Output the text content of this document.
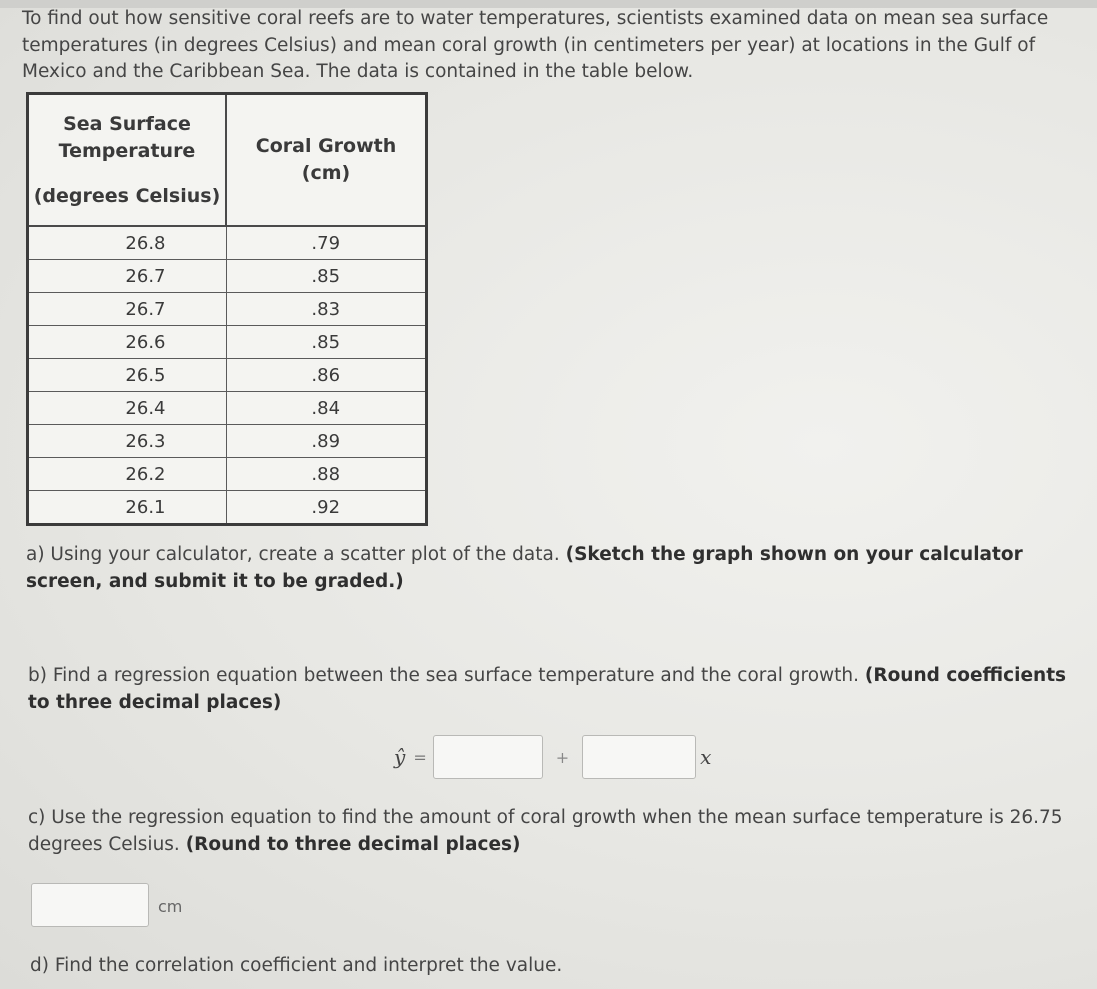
To find out how sensitive coral reefs are to water temperatures, scientists examined data on mean sea surface temperatures (in degrees Celsius) and mean coral growth (in centimeters per year) at locations in the Gulf of Mexico and the Caribbean Sea. The data is contained in the table below.
Sea Surface
Temperature
(degrees Celsius)	Coral Growth
(cm)
26.8	.79
26.7	.85
26.7	.83
26.6	.85
26.5	.86
26.4	.84
26.3	.89
26.2	.88
26.1	.92
a) Using your calculator, create a scatter plot of the data. (Sketch the graph shown on your calculator screen, and submit it to be graded.)
b) Find a regression equation between the sea surface temperature and the coral growth. (Round coefficients to three decimal places)
ŷ =	+	x
c) Use the regression equation to find the amount of coral growth when the mean surface temperature is 26.75 degrees Celsius. (Round to three decimal places)
cm
d) Find the correlation coefficient and interpret the value.
